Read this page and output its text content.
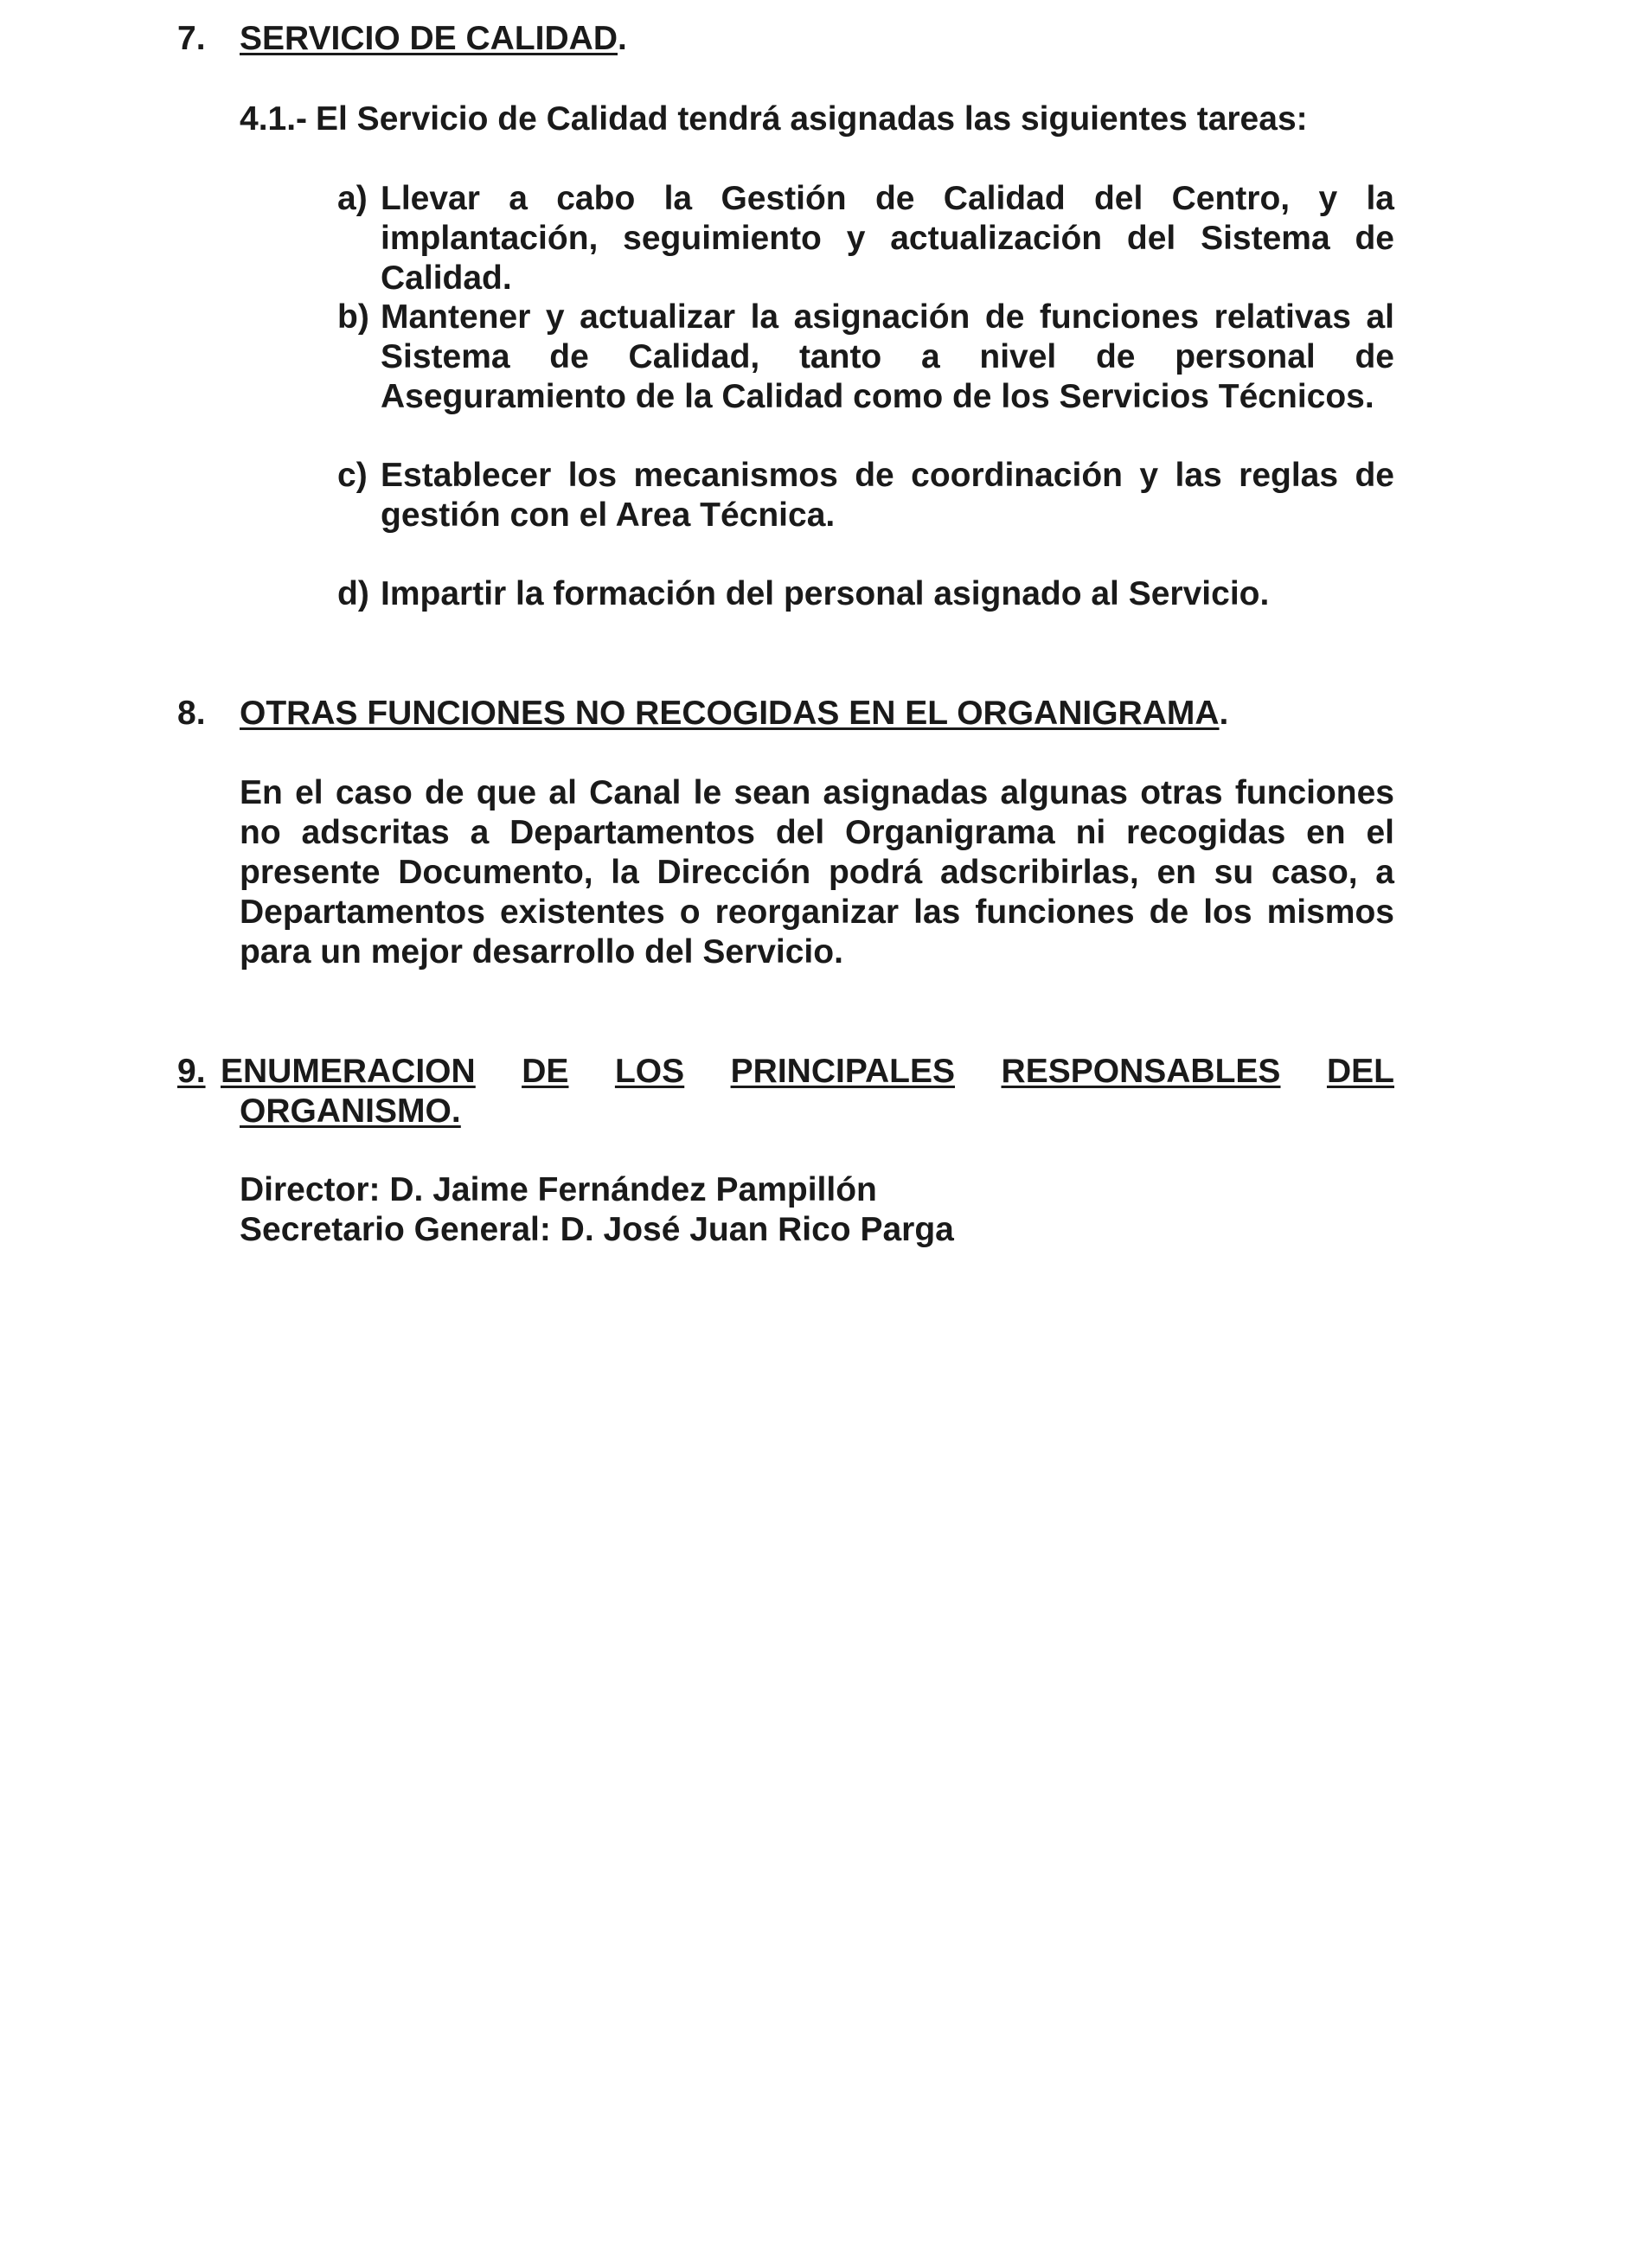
7. SERVICIO DE CALIDAD.
4.1.- El Servicio de Calidad tendrá asignadas las siguientes tareas:
a) Llevar a cabo la Gestión de Calidad del Centro, y la implantación, seguimiento y actualización del Sistema de Calidad.
b) Mantener y actualizar la asignación de funciones relativas al Sistema de Calidad, tanto a nivel de personal de Aseguramiento de la Calidad como de los Servicios Técnicos.
c) Establecer los mecanismos de coordinación y las reglas de gestión con el Area Técnica.
d) Impartir la formación del personal asignado al Servicio.
8. OTRAS FUNCIONES NO RECOGIDAS EN EL ORGANIGRAMA.
En el caso de que al Canal le sean asignadas algunas otras funciones no adscritas a Departamentos del Organigrama ni recogidas en el presente Documento, la Dirección podrá adscribirlas, en su caso, a Departamentos existentes o reorganizar las funciones de los mismos para un mejor desarrollo del Servicio.
9. ENUMERACION DE LOS PRINCIPALES RESPONSABLES DEL
ORGANISMO.
Director: D. Jaime Fernández Pampillón
Secretario General: D. José Juan Rico Parga
